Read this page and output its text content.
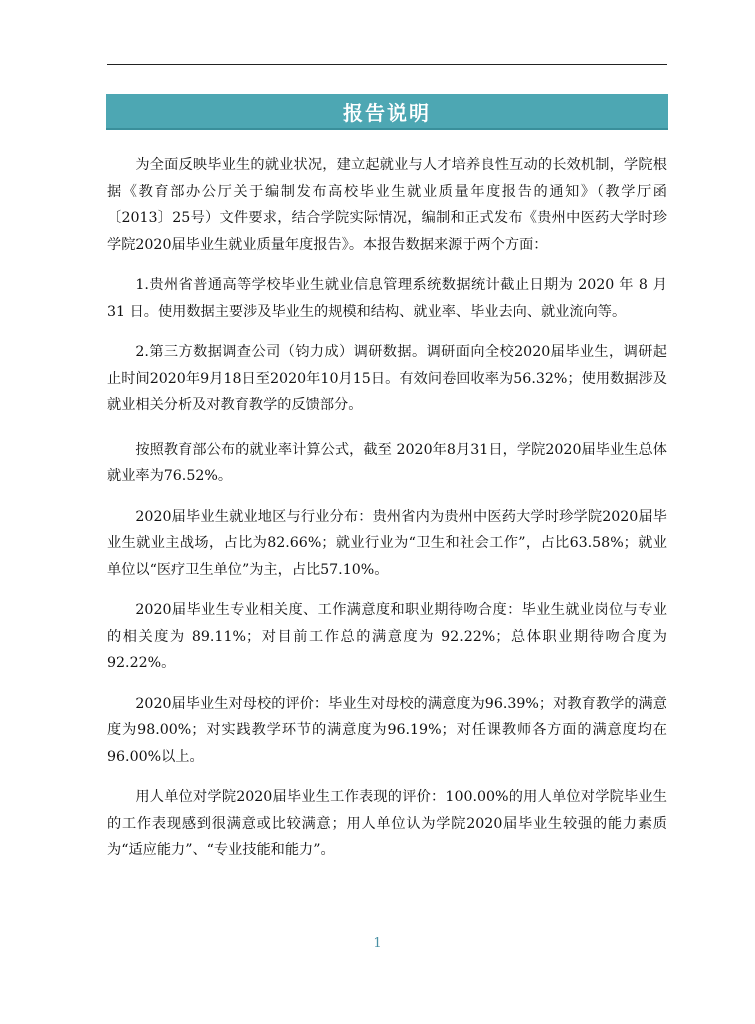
报告说明

为全面反映毕业生的就业状况，建立起就业与人才培养良性互动的长效机制，学院根据《教育部办公厅关于编制发布高校毕业生就业质量年度报告的通知》（教学厅函〔2013〕25号）文件要求，结合学院实际情况，编制和正式发布《贵州中医药大学时珍学院2020届毕业生就业质量年度报告》。本报告数据来源于两个方面：

1.贵州省普通高等学校毕业生就业信息管理系统数据统计截止日期为 2020 年 8 月 31 日。使用数据主要涉及毕业生的规模和结构、就业率、毕业去向、就业流向等。

2.第三方数据调查公司（钧力成）调研数据。调研面向全校2020届毕业生，调研起止时间2020年9月18日至2020年10月15日。有效问卷回收率为56.32%；使用数据涉及就业相关分析及对教育教学的反馈部分。

按照教育部公布的就业率计算公式，截至 2020年8月31日，学院2020届毕业生总体就业率为76.52%。

2020届毕业生就业地区与行业分布：贵州省内为贵州中医药大学时珍学院2020届毕业生就业主战场，占比为82.66%；就业行业为“卫生和社会工作”，占比63.58%；就业单位以“医疗卫生单位”为主，占比57.10%。

2020届毕业生专业相关度、工作满意度和职业期待吻合度：毕业生就业岗位与专业的相关度为 89.11%；对目前工作总的满意度为 92.22%；总体职业期待吻合度为92.22%。

2020届毕业生对母校的评价：毕业生对母校的满意度为96.39%；对教育教学的满意度为98.00%；对实践教学环节的满意度为96.19%；对任课教师各方面的满意度均在96.00%以上。

用人单位对学院2020届毕业生工作表现的评价：100.00%的用人单位对学院毕业生的工作表现感到很满意或比较满意；用人单位认为学院2020届毕业生较强的能力素质为“适应能力”、“专业技能和能力”。

1
